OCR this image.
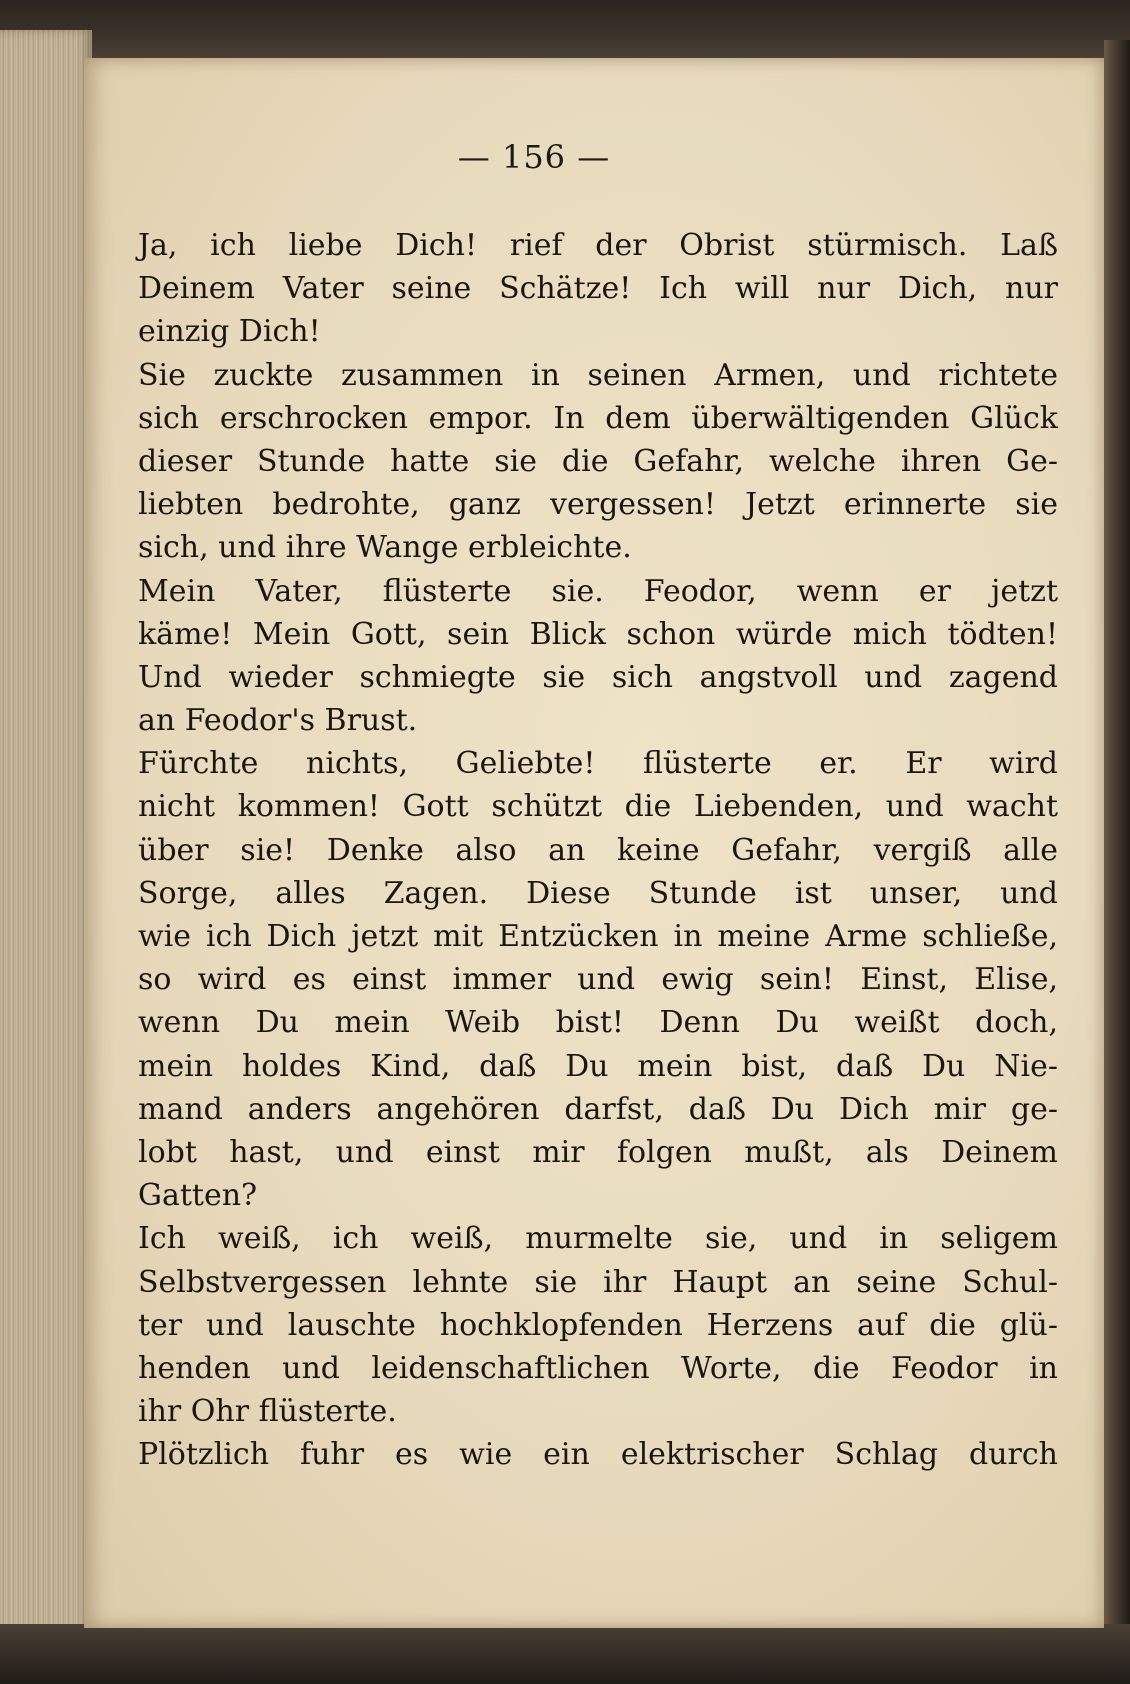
— 156 —
Ja, ich liebe Dich! rief der Obrist stürmisch. Laß
Deinem Vater seine Schätze! Ich will nur Dich, nur
einzig Dich!
Sie zuckte zusammen in seinen Armen, und richtete
sich erschrocken empor. In dem überwältigenden Glück
dieser Stunde hatte sie die Gefahr, welche ihren Ge-
liebten bedrohte, ganz vergessen! Jetzt erinnerte sie
sich, und ihre Wange erbleichte.
Mein Vater, flüsterte sie. Feodor, wenn er jetzt
käme! Mein Gott, sein Blick schon würde mich tödten!
Und wieder schmiegte sie sich angstvoll und zagend
an Feodor's Brust.
Fürchte nichts, Geliebte! flüsterte er. Er wird
nicht kommen! Gott schützt die Liebenden, und wacht
über sie! Denke also an keine Gefahr, vergiß alle
Sorge, alles Zagen. Diese Stunde ist unser, und
wie ich Dich jetzt mit Entzücken in meine Arme schließe,
so wird es einst immer und ewig sein! Einst, Elise,
wenn Du mein Weib bist! Denn Du weißt doch,
mein holdes Kind, daß Du mein bist, daß Du Nie-
mand anders angehören darfst, daß Du Dich mir ge-
lobt hast, und einst mir folgen mußt, als Deinem
Gatten?
Ich weiß, ich weiß, murmelte sie, und in seligem
Selbstvergessen lehnte sie ihr Haupt an seine Schul-
ter und lauschte hochklopfenden Herzens auf die glü-
henden und leidenschaftlichen Worte, die Feodor in
ihr Ohr flüsterte.
Plötzlich fuhr es wie ein elektrischer Schlag durch
